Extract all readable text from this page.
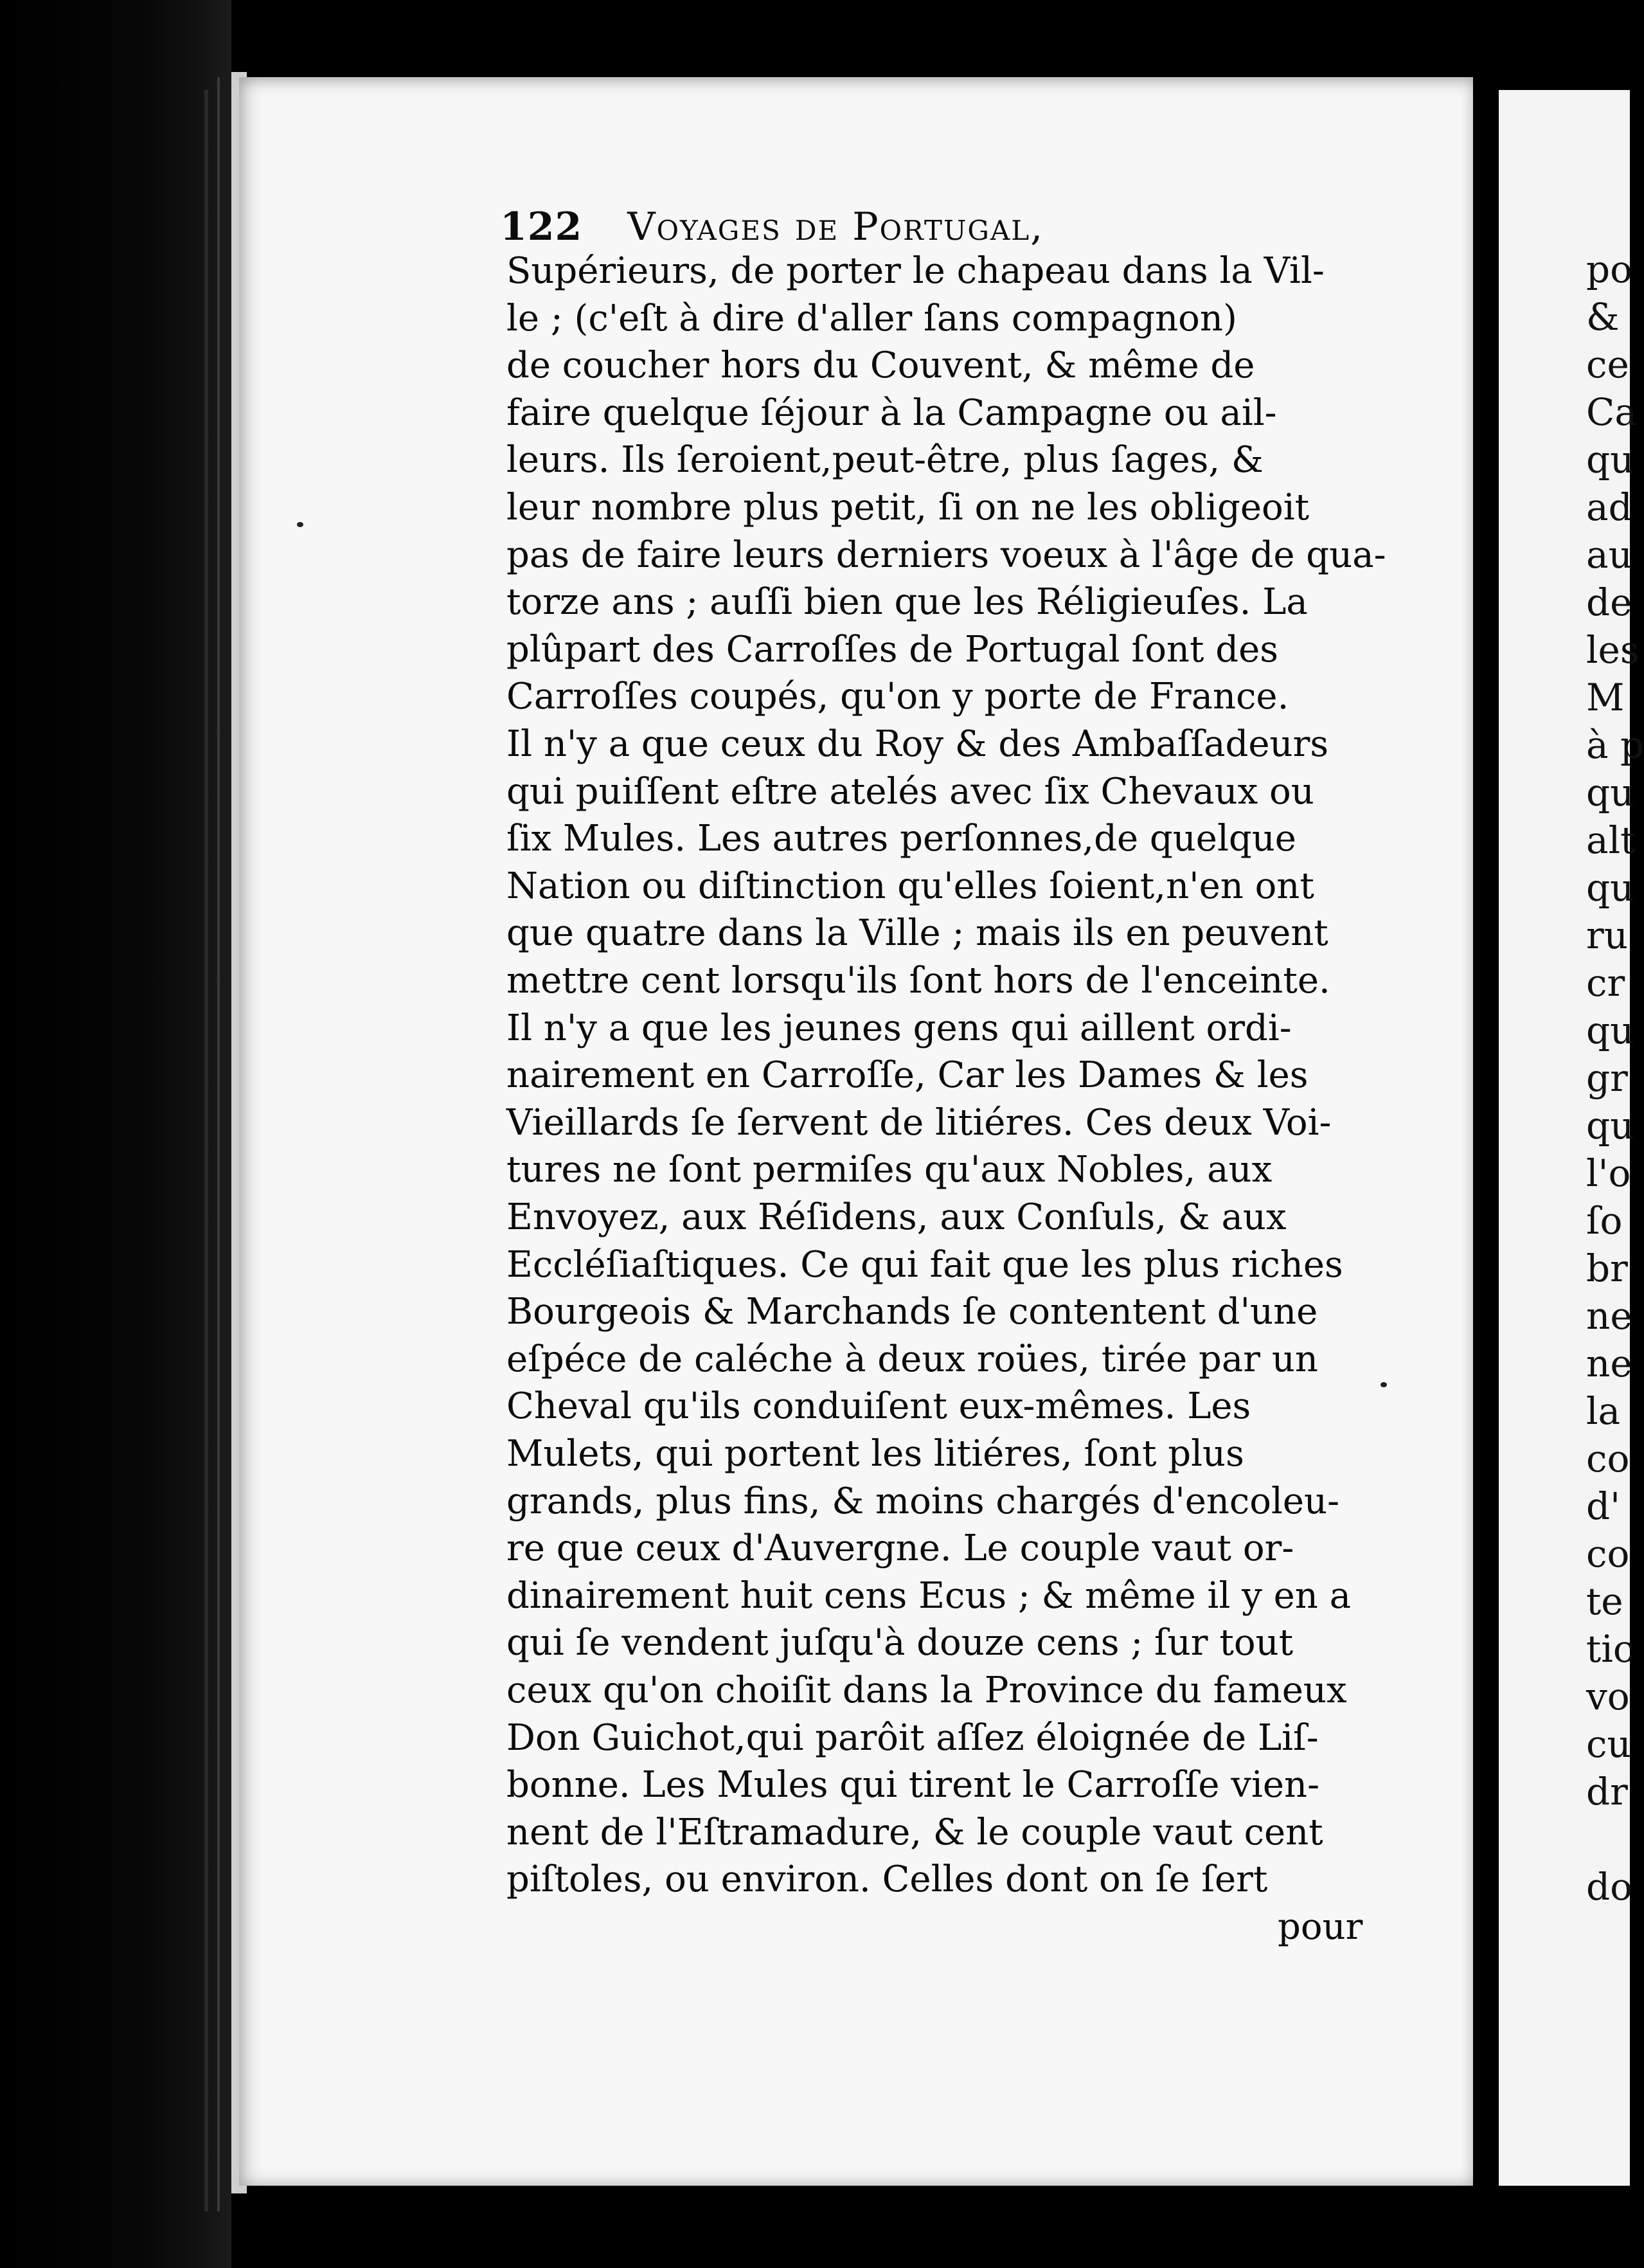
122 Voyages de Portugal,

Supérieurs, de porter le chapeau dans la Vil-

le ; (c'eſt à dire d'aller ſans compagnon)

de coucher hors du Couvent, & même de

faire quelque ſéjour à la Campagne ou ail-

leurs. Ils ſeroient,peut-être, plus ſages, &

leur nombre plus petit, ſi on ne les obligeoit

pas de faire leurs derniers voeux à l'âge de qua-

torze ans ; auſſi bien que les Réligieuſes. La

plûpart des Carroſſes de Portugal ſont des

Carroſſes coupés, qu'on y porte de France.

Il n'y a que ceux du Roy & des Ambaſſadeurs

qui puiſſent eſtre atelés avec ſix Chevaux ou

ſix Mules. Les autres perſonnes,de quelque

Nation ou diſtinction qu'elles ſoient,n'en ont

que quatre dans la Ville ; mais ils en peuvent

mettre cent lorsqu'ils ſont hors de l'enceinte.

Il n'y a que les jeunes gens qui aillent ordi-

nairement en Carroſſe, Car les Dames & les

Vieillards ſe ſervent de litiéres. Ces deux Voi-

tures ne ſont permiſes qu'aux Nobles, aux

Envoyez, aux Réſidens, aux Conſuls, & aux

Eccléſiaſtiques. Ce qui fait que les plus riches

Bourgeois & Marchands ſe contentent d'une

eſpéce de caléche à deux roües, tirée par un

Cheval qu'ils conduiſent eux-mêmes. Les

Mulets, qui portent les litiéres, ſont plus

grands, plus fins, & moins chargés d'encoleu-

re que ceux d'Auvergne. Le couple vaut or-

dinairement huit cens Ecus ; & même il y en a

qui ſe vendent juſqu'à douze cens ; ſur tout

ceux qu'on choiſit dans la Province du fameux

Don Guichot,qui parôit aſſez éloignée de Liſ-

bonne. Les Mules qui tirent le Carroſſe vien-

nent de l'Eſtramadure, & le couple vaut cent

piſtoles, ou environ. Celles dont on ſe ſert

pour

po

&

ce

Ca

qu

ad

au

de

les

M

à p

qu

alt

qu

ru

cr

qu

gr

qu

l'o

ſo

br

ne

ne

la

co

d'

co

te

tic

vo

cu

dr

do
